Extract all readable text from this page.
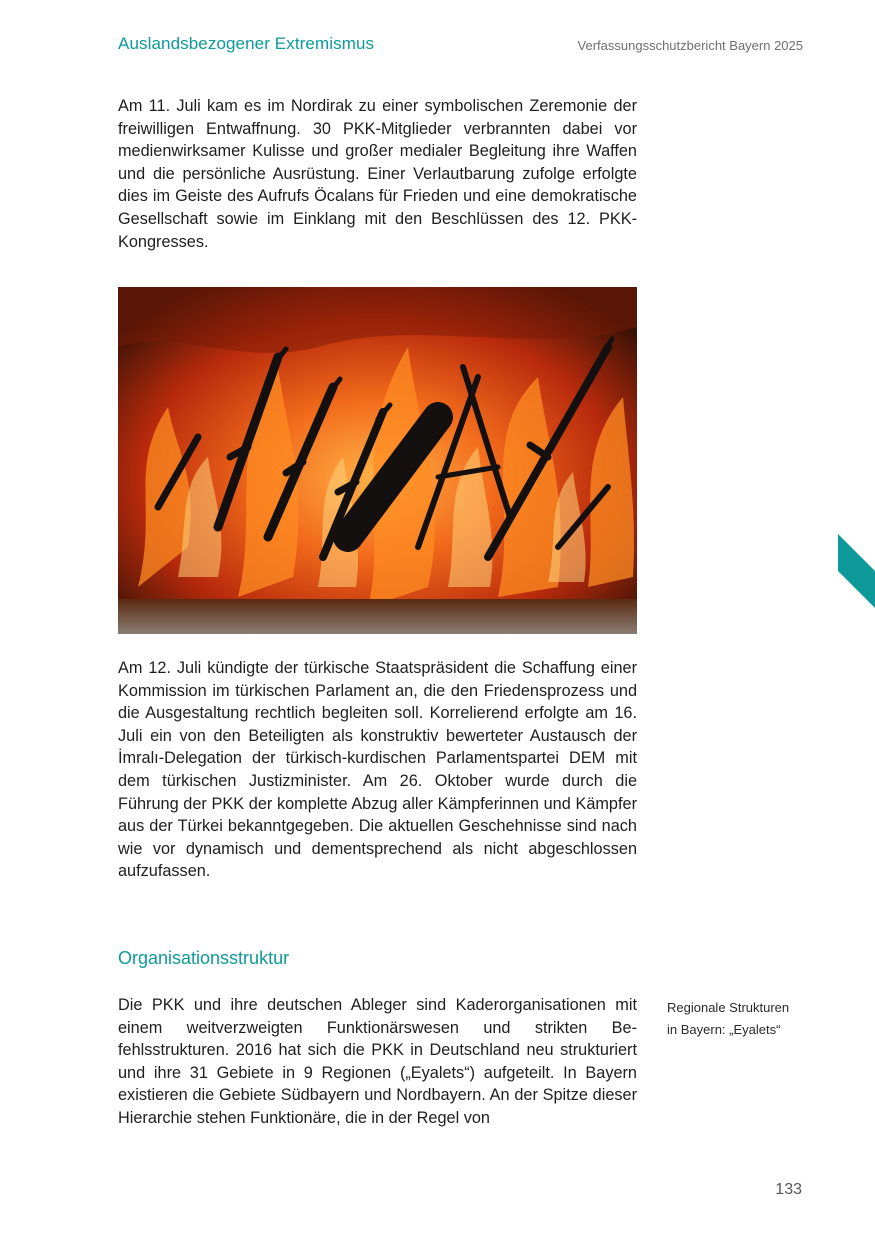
Auslandsbezogener Extremismus	Verfassungsschutzbericht Bayern 2025

Am 11. Juli kam es im Nordirak zu einer symbolischen Zeremonie der freiwilligen Entwaffnung. 30 PKK-Mitglieder verbrannten dabei vor medienwirksamer Kulisse und großer medialer Begleitung ihre Waffen und die persönliche Ausrüstung. Einer Verlautbarung zufolge erfolgte dies im Geiste des Aufrufs Öcalans für Frieden und eine demokratische Gesellschaft sowie im Einklang mit den Beschlüssen des 12. PKK-Kongresses.

Am 12. Juli kündigte der türkische Staatspräsident die Schaffung einer Kommission im türkischen Parlament an, die den Friedensprozess und die Ausgestaltung rechtlich begleiten soll. Korrelierend erfolgte am 16. Juli ein von den Beteiligten als konstruktiv bewerteter Austausch der İmralı-Delegation der türkisch-kurdischen Parlamentspartei DEM mit dem türkischen Justizminister. Am 26. Oktober wurde durch die Führung der PKK der komplette Abzug aller Kämpferinnen und Kämpfer aus der Türkei bekanntgegeben. Die aktuellen Geschehnisse sind nach wie vor dynamisch und dementsprechend als nicht abgeschlossen aufzufassen.

Organisationsstruktur

Die PKK und ihre deutschen Ableger sind Kaderorganisationen mit einem weitverzweigten Funktionärswesen und strikten Befehlsstrukturen. 2016 hat sich die PKK in Deutschland neu strukturiert und ihre 31 Gebiete in 9 Regionen („Eyalets“) aufgeteilt. In Bayern existieren die Gebiete Südbayern und Nordbayern. An der Spitze dieser Hierarchie stehen Funktionäre, die in der Regel von

Regionale Strukturen
in Bayern: „Eyalets“
133
